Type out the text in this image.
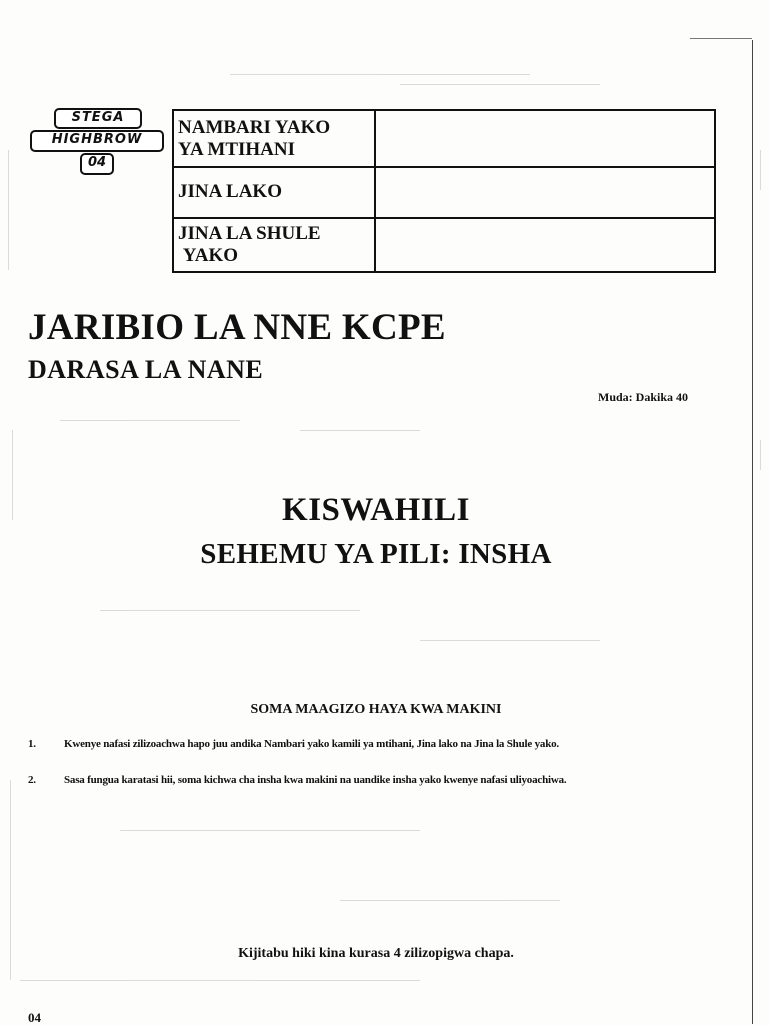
STEGA
HIGHBROW
04
NAMBARI YAKO
YA MTIHANI	
JINA LAKO	
JINA LA SHULE
YAKO	
JARIBIO LA NNE KCPE
DARASA LA NANE
Muda: Dakika 40
KISWAHILI
SEHEMU YA PILI: INSHA
SOMA MAAGIZO HAYA KWA MAKINI
1.	Kwenye nafasi zilizoachwa hapo juu andika Nambari yako kamili ya mtihani, Jina lako na Jina la Shule yako.
2.	Sasa fungua karatasi hii, soma kichwa cha insha kwa makini na uandike insha yako kwenye nafasi uliyoachiwa.
Kijitabu hiki kina kurasa 4 zilizopigwa chapa.
04
